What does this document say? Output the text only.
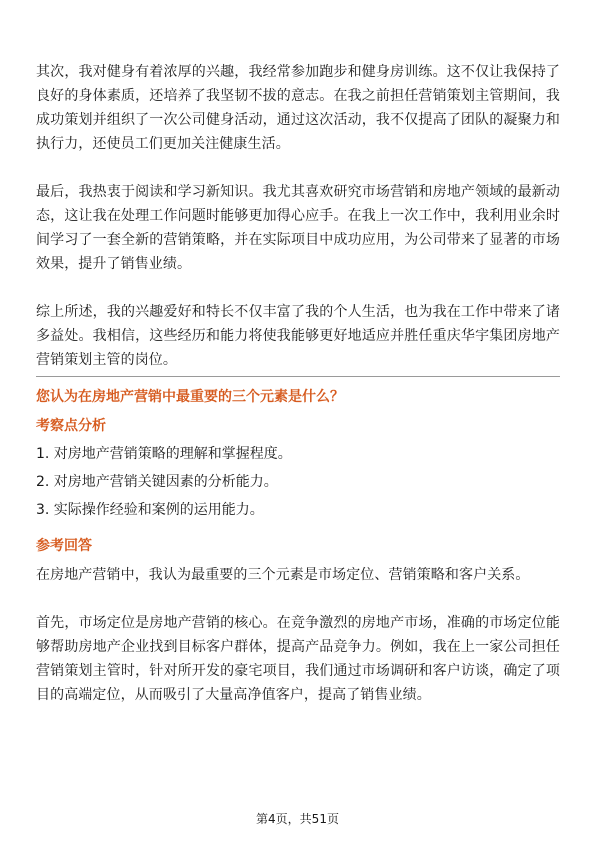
其次，我对健身有着浓厚的兴趣，我经常参加跑步和健身房训练。这不仅让我保持了良好的身体素质，还培养了我坚韧不拔的意志。在我之前担任营销策划主管期间，我成功策划并组织了一次公司健身活动，通过这次活动，我不仅提高了团队的凝聚力和执行力，还使员工们更加关注健康生活。

最后，我热衷于阅读和学习新知识。我尤其喜欢研究市场营销和房地产领域的最新动态，这让我在处理工作问题时能够更加得心应手。在我上一次工作中，我利用业余时间学习了一套全新的营销策略，并在实际项目中成功应用，为公司带来了显著的市场效果，提升了销售业绩。

综上所述，我的兴趣爱好和特长不仅丰富了我的个人生活，也为我在工作中带来了诸多益处。我相信，这些经历和能力将使我能够更好地适应并胜任重庆华宇集团房地产营销策划主管的岗位。

您认为在房地产营销中最重要的三个元素是什么？

考察点分析

1. 对房地产营销策略的理解和掌握程度。

2. 对房地产营销关键因素的分析能力。

3. 实际操作经验和案例的运用能力。

参考回答

在房地产营销中，我认为最重要的三个元素是市场定位、营销策略和客户关系。

首先，市场定位是房地产营销的核心。在竞争激烈的房地产市场，准确的市场定位能够帮助房地产企业找到目标客户群体，提高产品竞争力。例如，我在上一家公司担任营销策划主管时，针对所开发的豪宅项目，我们通过市场调研和客户访谈，确定了项目的高端定位，从而吸引了大量高净值客户，提高了销售业绩。

第4页，共51页
